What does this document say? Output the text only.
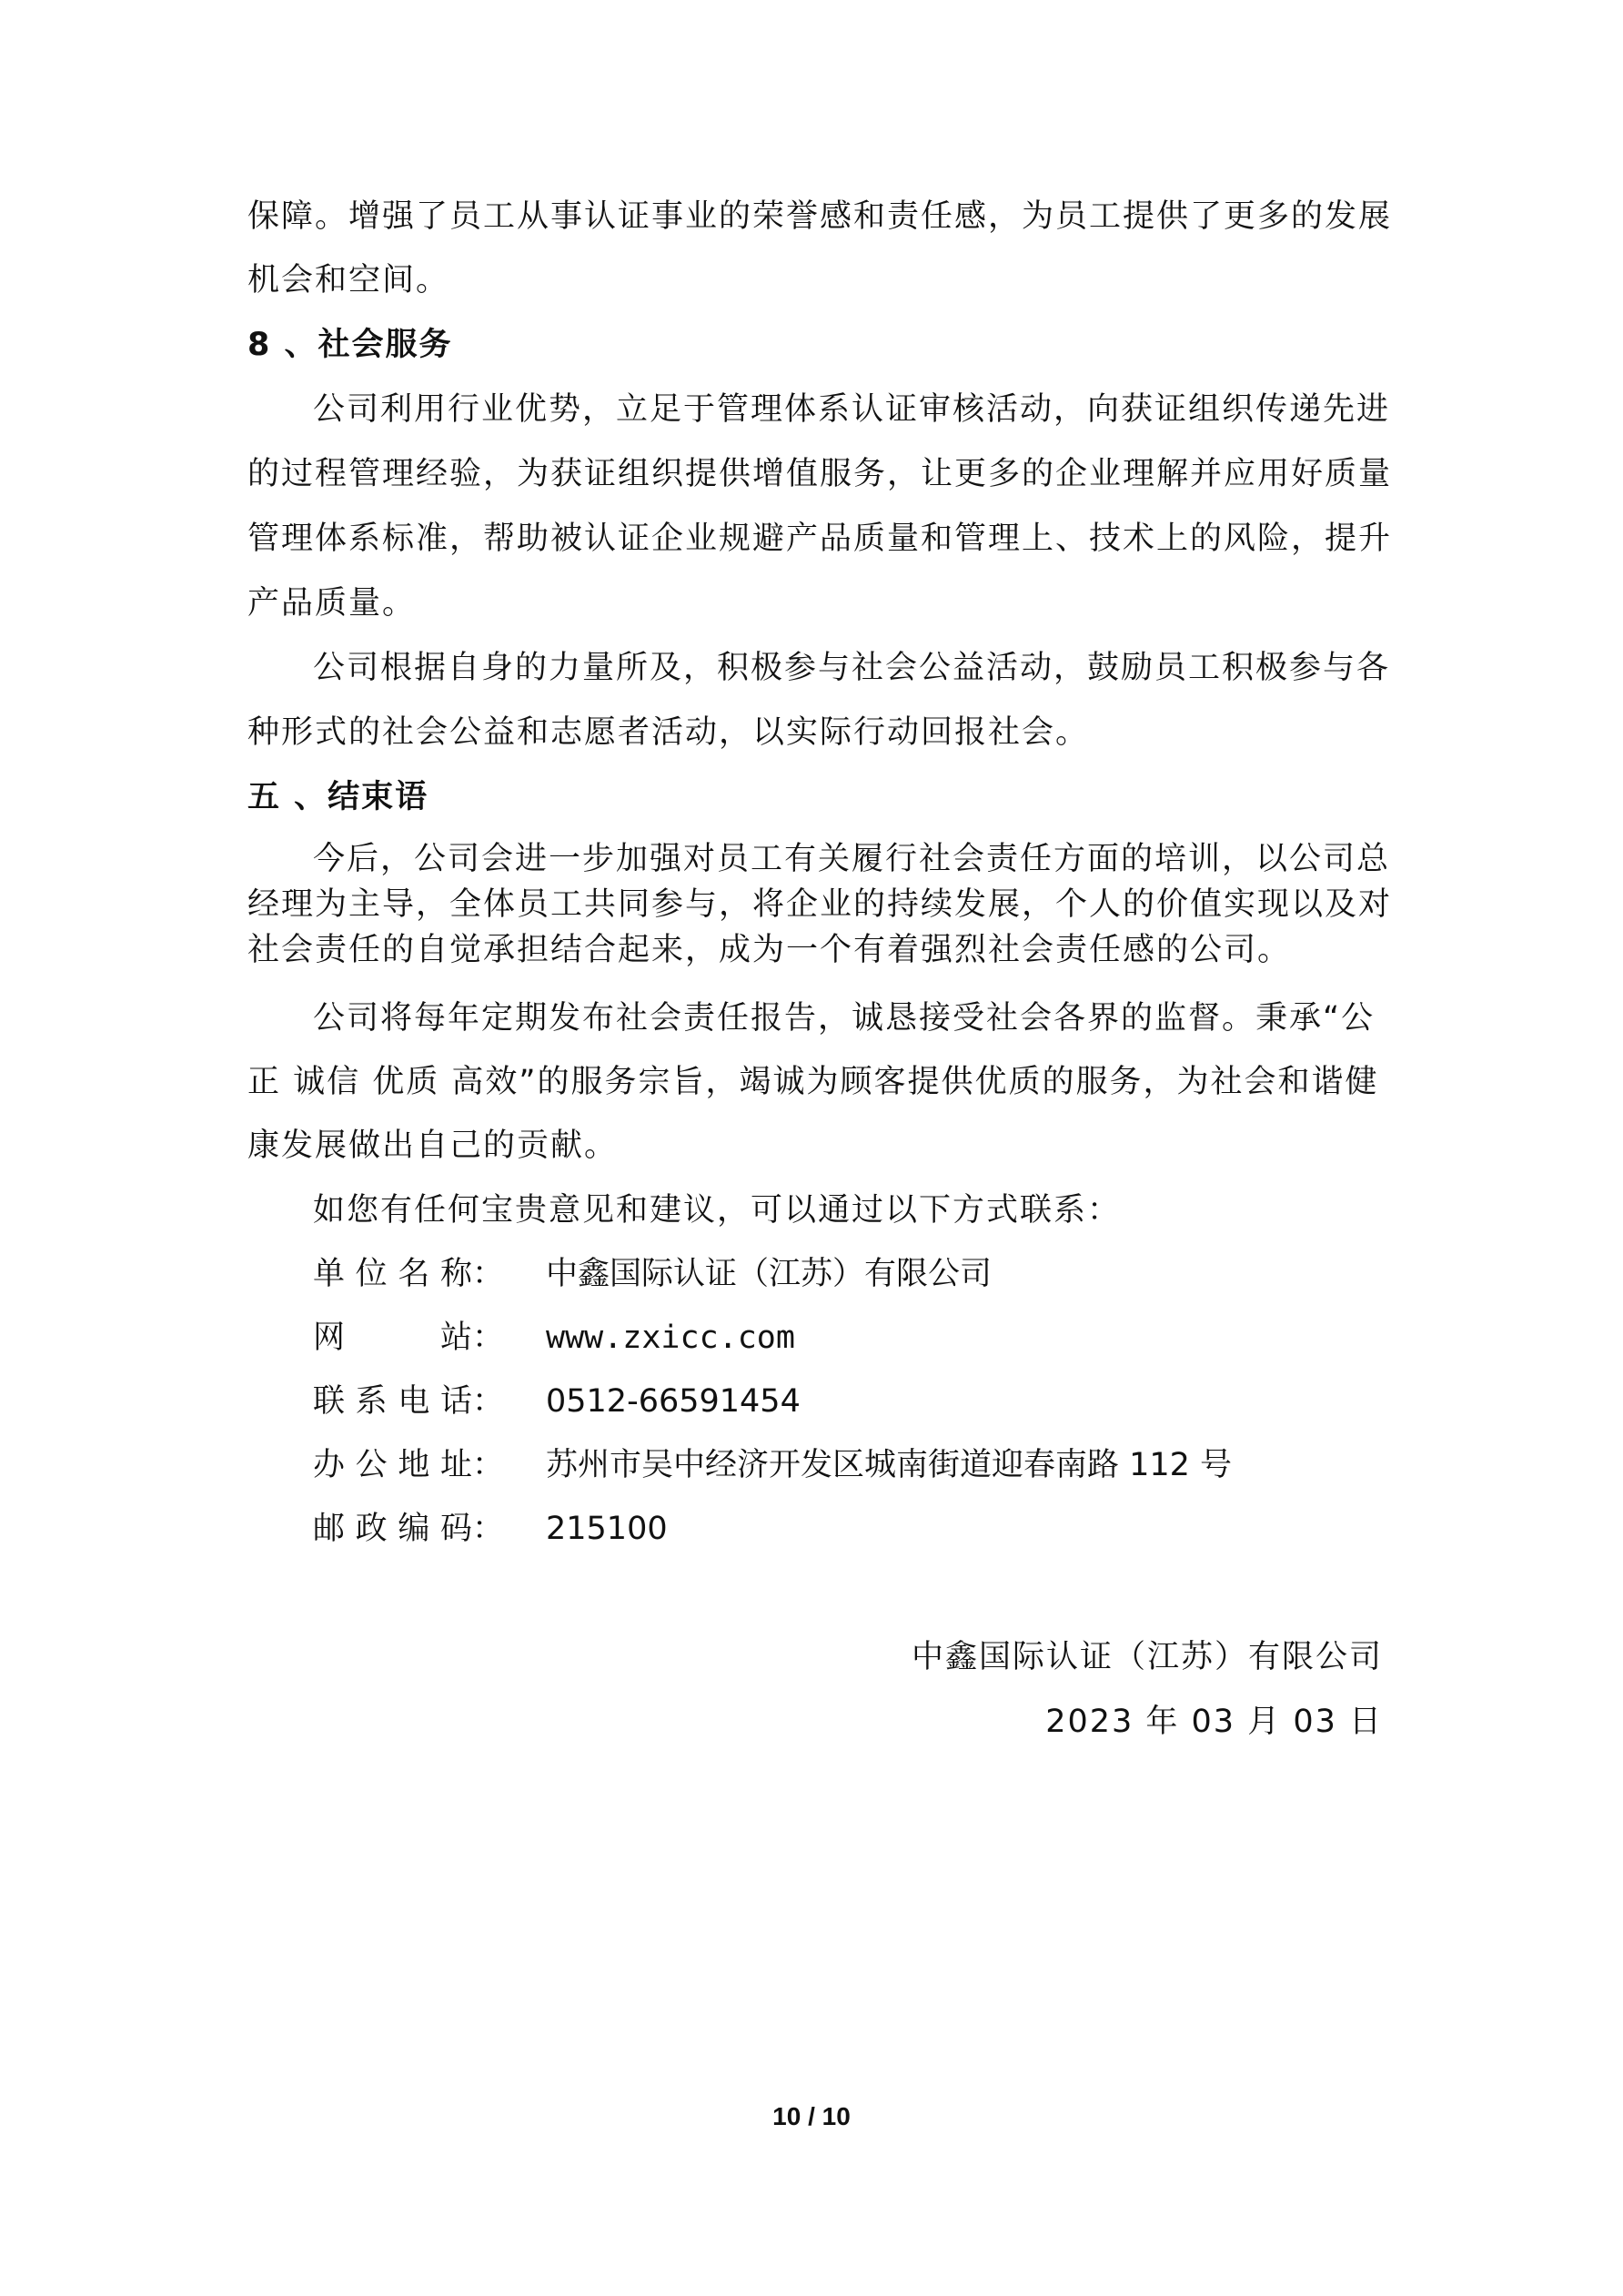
保障。增强了员工从事认证事业的荣誉感和责任感，为员工提供了更多的发展
机会和空间。
8 、社会服务
公司利用行业优势，立足于管理体系认证审核活动，向获证组织传递先进
的过程管理经验，为获证组织提供增值服务，让更多的企业理解并应用好质量
管理体系标准，帮助被认证企业规避产品质量和管理上、技术上的风险，提升
产品质量。
公司根据自身的力量所及，积极参与社会公益活动，鼓励员工积极参与各
种形式的社会公益和志愿者活动，以实际行动回报社会。
五 、结束语
今后，公司会进一步加强对员工有关履行社会责任方面的培训，以公司总
经理为主导，全体员工共同参与，将企业的持续发展，个人的价值实现以及对
社会责任的自觉承担结合起来，成为一个有着强烈社会责任感的公司。
公司将每年定期发布社会责任报告，诚恳接受社会各界的监督。秉承“公
正 诚信 优质 高效”的服务宗旨，竭诚为顾客提供优质的服务，为社会和谐健
康发展做出自己的贡献。
如您有任何宝贵意见和建议，可以通过以下方式联系：
单 位 名 称： 中鑫国际认证（江苏）有限公司
网	站： www.zxicc.com
联 系 电 话： 0512-66591454
办 公 地 址： 苏州市吴中经济开发区城南街道迎春南路 112 号
邮 政 编 码： 215100
中鑫国际认证（江苏）有限公司
2023 年 03 月 03 日
10 / 10
